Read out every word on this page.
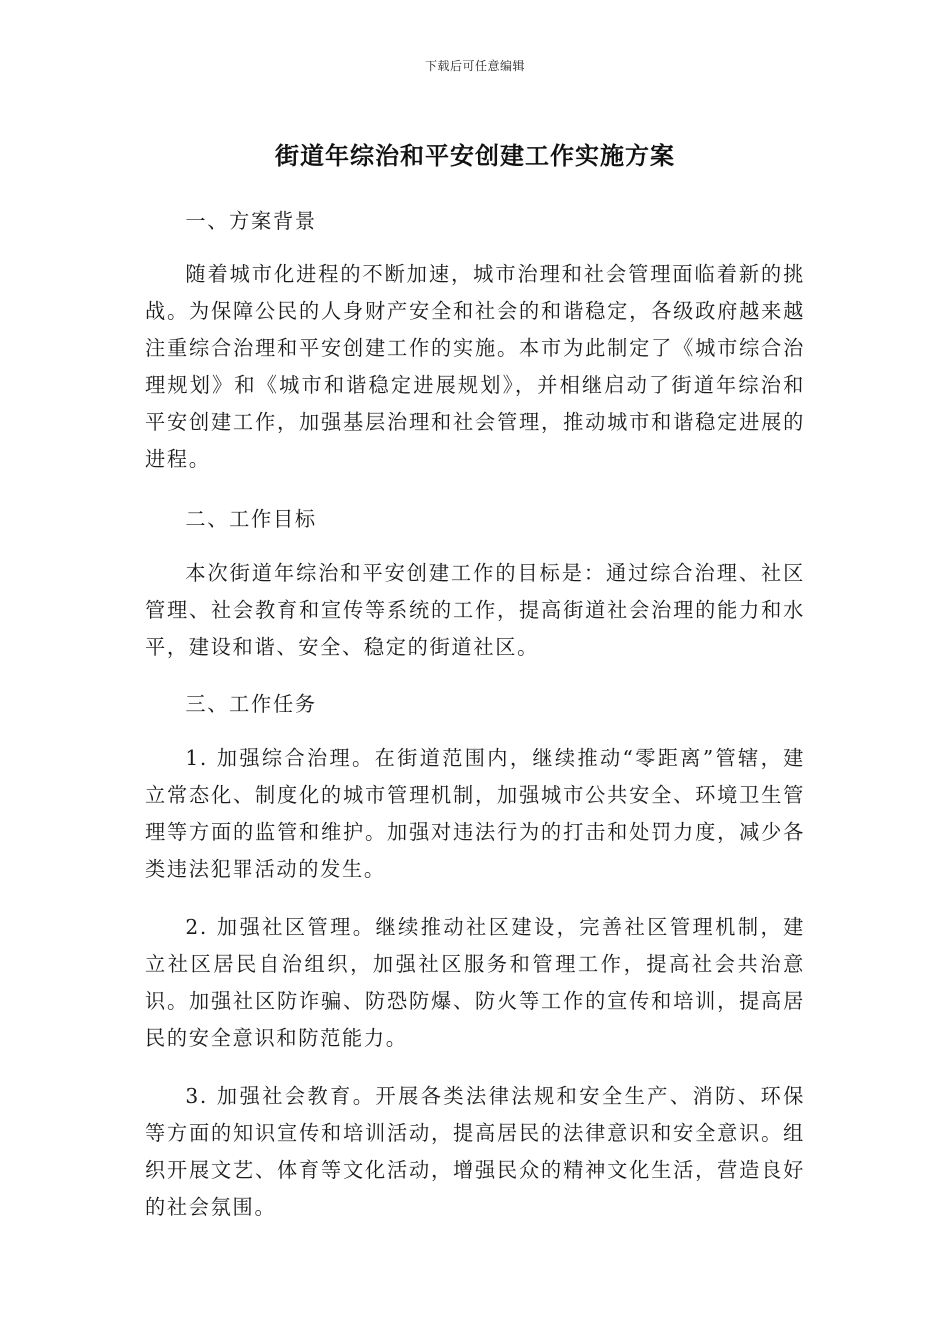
下载后可任意编辑
街道年综治和平安创建工作实施方案

一、方案背景

随着城市化进程的不断加速，城市治理和社会管理面临着新的挑战。为保障公民的人身财产安全和社会的和谐稳定，各级政府越来越注重综合治理和平安创建工作的实施。本市为此制定了《城市综合治理规划》和《城市和谐稳定进展规划》，并相继启动了街道年综治和平安创建工作，加强基层治理和社会管理，推动城市和谐稳定进展的进程。

二、工作目标

本次街道年综治和平安创建工作的目标是：通过综合治理、社区管理、社会教育和宣传等系统的工作，提高街道社会治理的能力和水平，建设和谐、安全、稳定的街道社区。

三、工作任务

1. 加强综合治理。在街道范围内，继续推动“零距离”管辖，建立常态化、制度化的城市管理机制，加强城市公共安全、环境卫生管理等方面的监管和维护。加强对违法行为的打击和处罚力度，减少各类违法犯罪活动的发生。

2. 加强社区管理。继续推动社区建设，完善社区管理机制，建立社区居民自治组织，加强社区服务和管理工作，提高社会共治意识。加强社区防诈骗、防恐防爆、防火等工作的宣传和培训，提高居民的安全意识和防范能力。

3. 加强社会教育。开展各类法律法规和安全生产、消防、环保等方面的知识宣传和培训活动，提高居民的法律意识和安全意识。组织开展文艺、体育等文化活动，增强民众的精神文化生活，营造良好的社会氛围。
